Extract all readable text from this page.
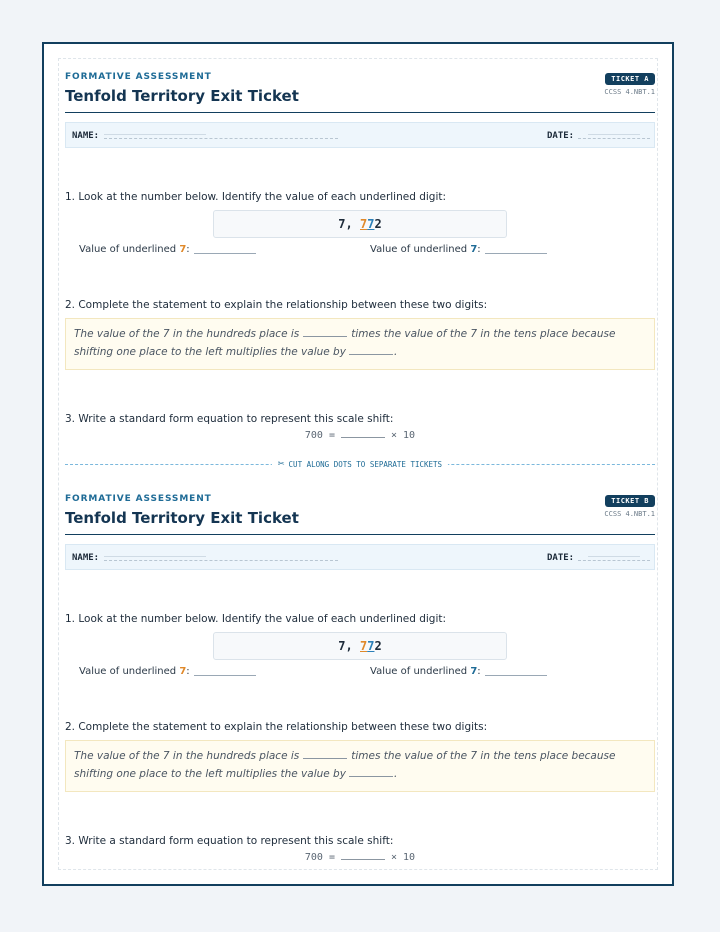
FORMATIVE ASSESSMENT
Tenfold Territory Exit Ticket
TICKET A
CCSS 4.NBT.1
NAME:	DATE:
1. Look at the number below. Identify the value of each underlined digit:
7, 772
Value of underlined 7:	Value of underlined 7:
2. Complete the statement to explain the relationship between these two digits:
The value of the 7 in the hundreds place is	times the value of the 7 in the tens place because shifting one place to the left multiplies the value by	.
3. Write a standard form equation to represent this scale shift:
700 =	× 10
✂ CUT ALONG DOTS TO SEPARATE TICKETS
FORMATIVE ASSESSMENT
Tenfold Territory Exit Ticket
TICKET B
CCSS 4.NBT.1
NAME:	DATE:
1. Look at the number below. Identify the value of each underlined digit:
7, 772
Value of underlined 7:	Value of underlined 7:
2. Complete the statement to explain the relationship between these two digits:
The value of the 7 in the hundreds place is	times the value of the 7 in the tens place because shifting one place to the left multiplies the value by	.
3. Write a standard form equation to represent this scale shift:
700 =	× 10
